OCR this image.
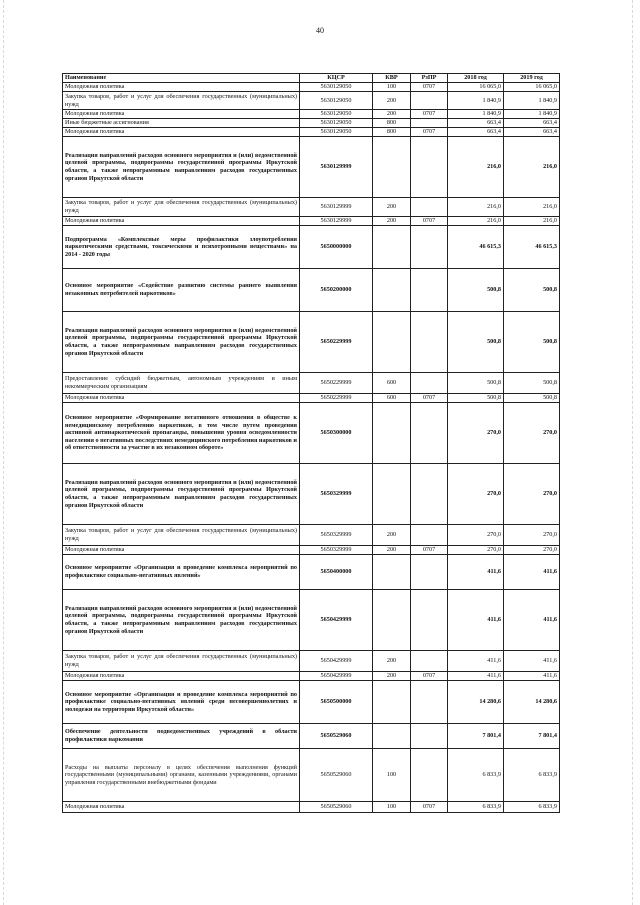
40
Наименование	КЦСР	КВР	РзПР	2018 год	2019 год
Молодежная политика	5630129050	100	0707	16 065,0	16 065,0
Закупка товаров, работ и услуг для обеспечения государственных (муниципальных) нужд	5630129050	200		1 840,9	1 840,9
Молодежная политика	5630129050	200	0707	1 840,9	1 840,9
Иные бюджетные ассигнования	5630129050	800		663,4	663,4
Молодежная политика	5630129050	800	0707	663,4	663,4
Реализация направлений расходов основного мероприятия и (или) ведомственной целевой программы, подпрограммы государственной программы Иркутской области, а также непрограммным направлениям расходов государственных органов Иркутской области	5630129999			216,0	216,0
Закупка товаров, работ и услуг для обеспечения государственных (муниципальных) нужд	5630129999	200		216,0	216,0
Молодежная политика	5630129999	200	0707	216,0	216,0
Подпрограмма «Комплексные меры профилактики злоупотребления наркотическими средствами, токсическими и психотропными веществами» на 2014 - 2020 годы	5650000000			46 615,3	46 615,3
Основное мероприятие «Содействие развитию системы раннего выявления незаконных потребителей наркотиков»	5650200000			500,8	500,8
Реализация направлений расходов основного мероприятия и (или) ведомственной целевой программы, подпрограммы государственной программы Иркутской области, а также непрограммным направлениям расходов государственных органов Иркутской области	5650229999			500,8	500,8
Предоставление субсидий бюджетным, автономным учреждениям и иным некоммерческим организациям	5650229999	600		500,8	500,8
Молодежная политика	5650229999	600	0707	500,8	500,8
Основное мероприятие «Формирование негативного отношения в обществе к немедицинскому потреблению наркотиков, в том числе путем проведения активной антинаркотической пропаганды, повышения уровня осведомленности населения о негативных последствиях немедицинского потребления наркотиков и об ответственности за участие в их незаконном обороте»	5650300000			270,0	270,0
Реализация направлений расходов основного мероприятия и (или) ведомственной целевой программы, подпрограммы государственной программы Иркутской области, а также непрограммным направлениям расходов государственных органов Иркутской области	5650329999			270,0	270,0
Закупка товаров, работ и услуг для обеспечения государственных (муниципальных) нужд	5650329999	200		270,0	270,0
Молодежная политика	5650329999	200	0707	270,0	270,0
Основное мероприятие «Организация и проведение комплекса мероприятий по профилактике социально-негативных явлений»	5650400000			411,6	411,6
Реализация направлений расходов основного мероприятия и (или) ведомственной целевой программы, подпрограммы государственной программы Иркутской области, а также непрограммным направлениям расходов государственных органов Иркутской области	5650429999			411,6	411,6
Закупка товаров, работ и услуг для обеспечения государственных (муниципальных) нужд	5650429999	200		411,6	411,6
Молодежная политика	5650429999	200	0707	411,6	411,6
Основное мероприятие «Организация и проведение комплекса мероприятий по профилактике социально-негативных явлений среди несовершеннолетних и молодежи на территории Иркутской области»	5650500000			14 280,6	14 280,6
Обеспечение деятельности подведомственных учреждений в области профилактики наркомании	5650529060			7 801,4	7 801,4
Расходы на выплаты персоналу в целях обеспечения выполнения функций государственными (муниципальными) органами, казенными учреждениями, органами управления государственными внебюджетными фондами	5650529060	100		6 833,9	6 833,9
Молодежная политика	5650529060	100	0707	6 833,9	6 833,9
